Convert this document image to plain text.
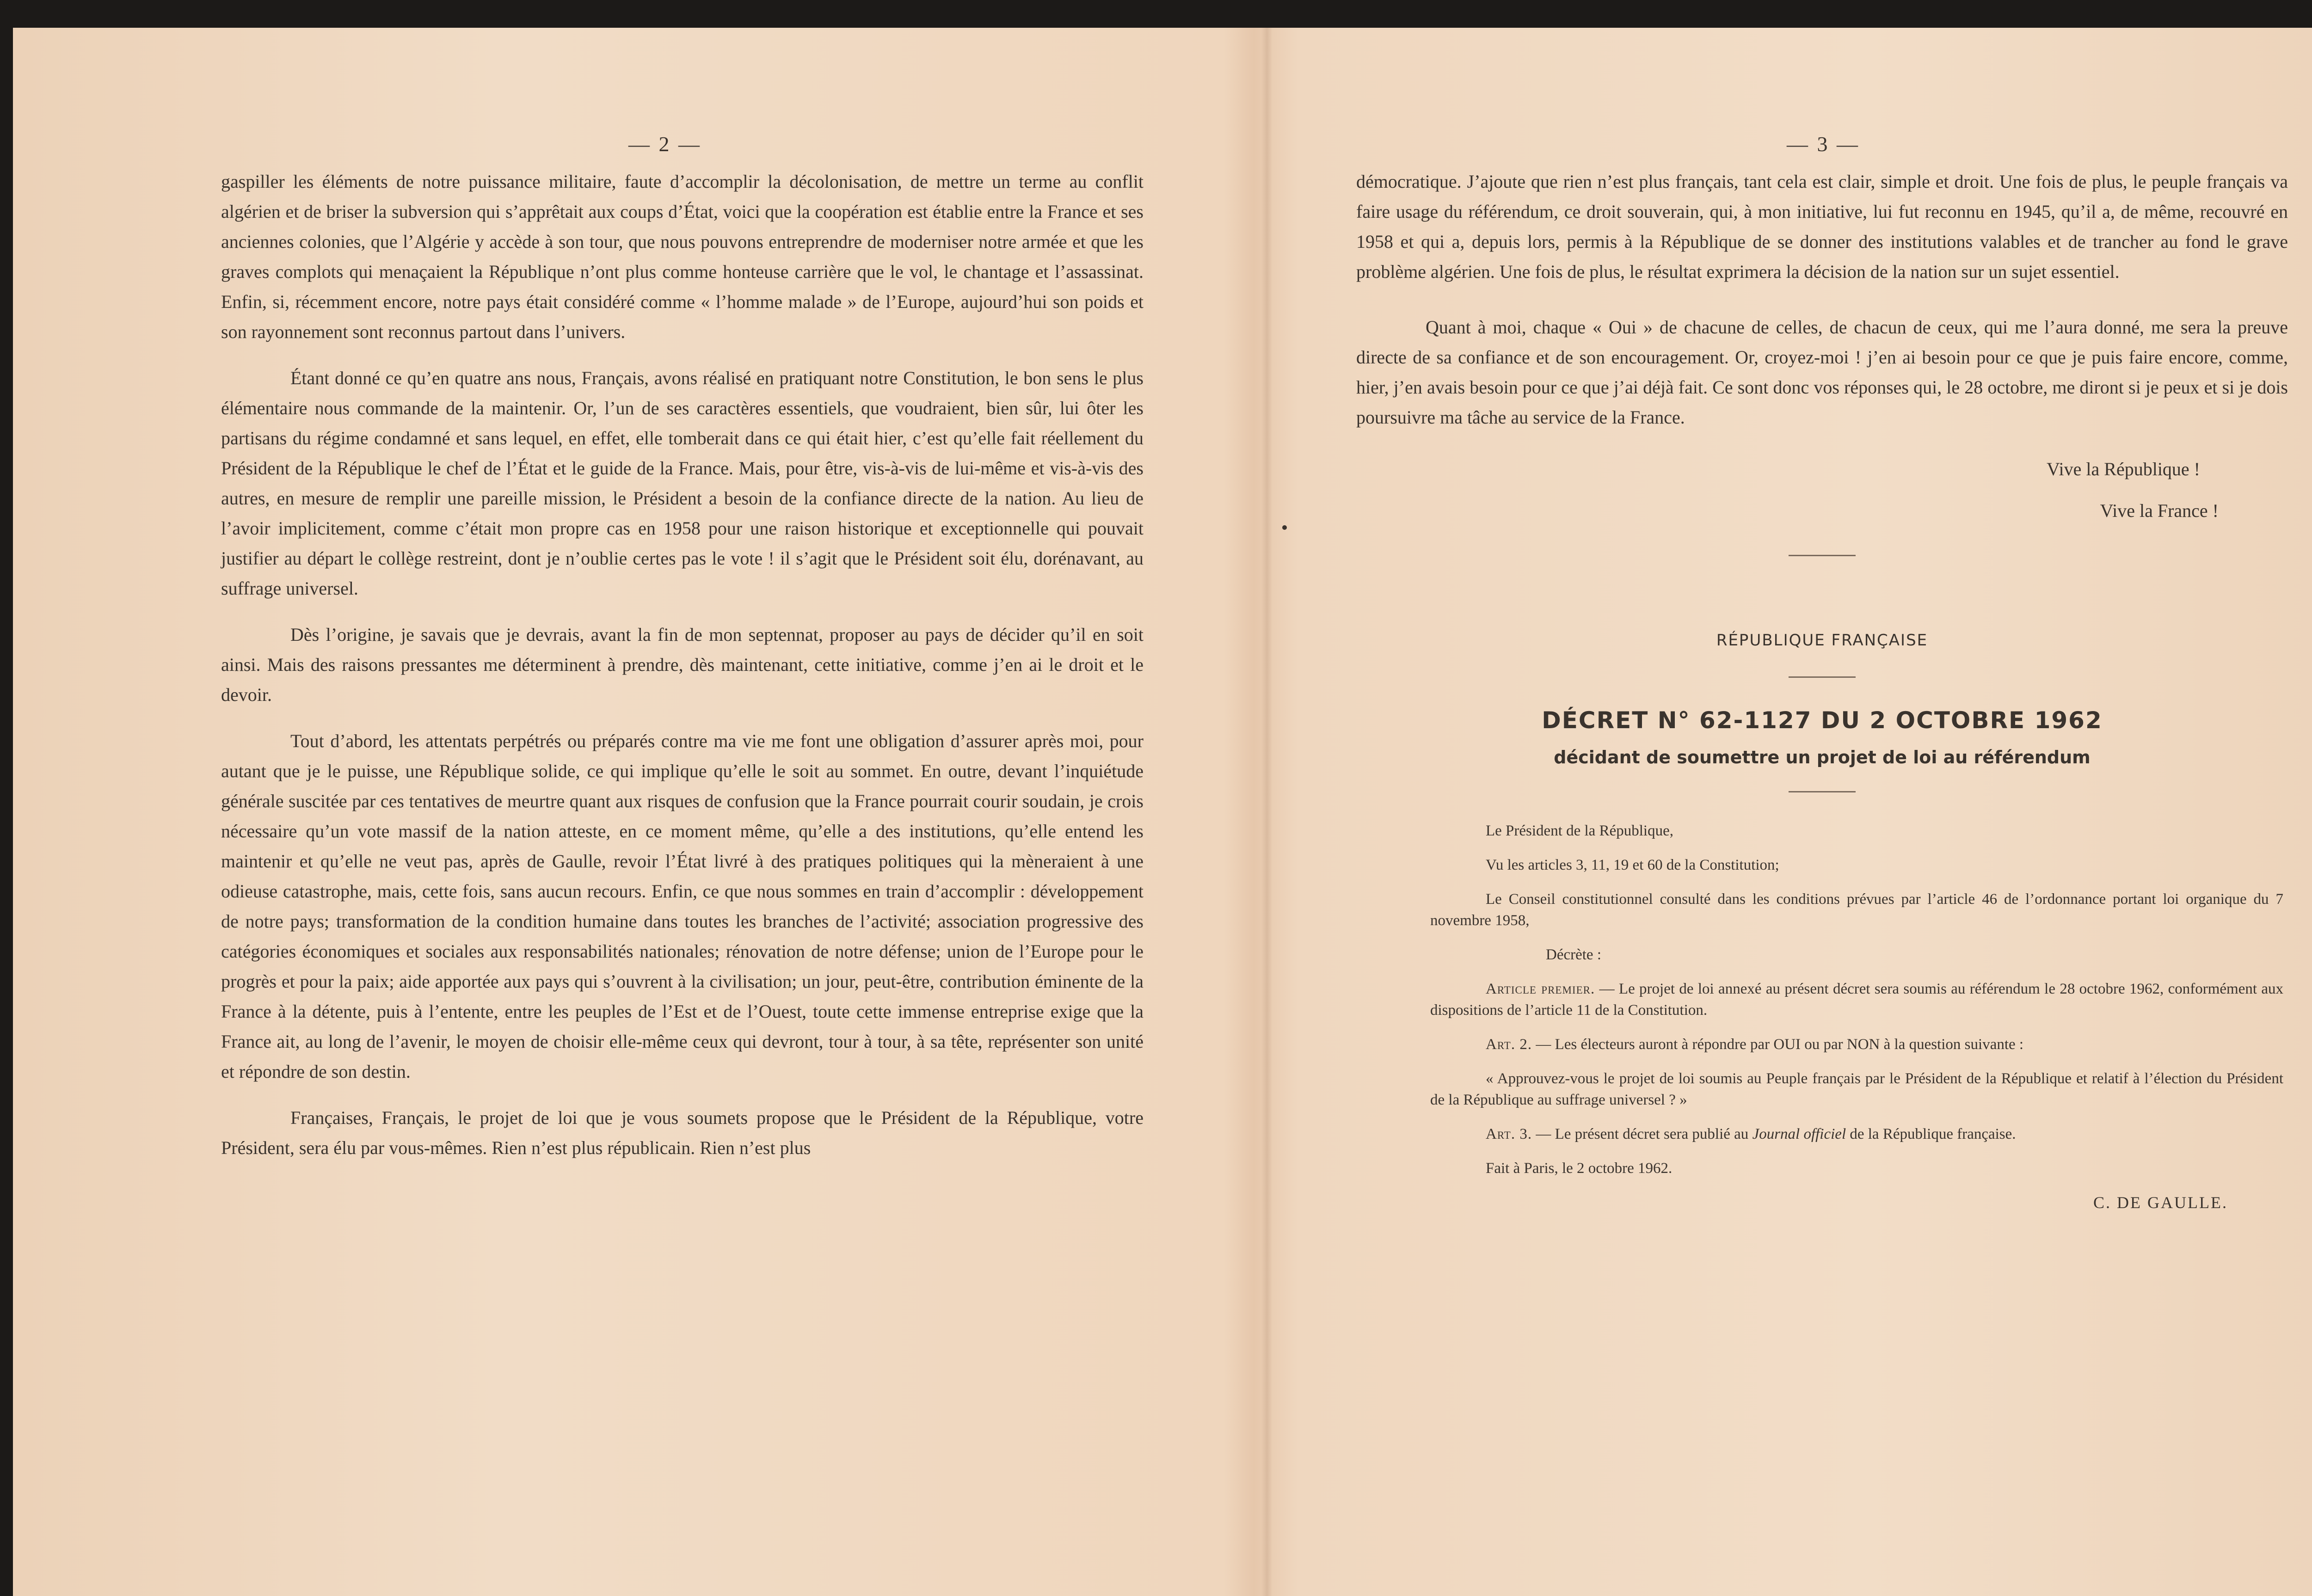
— 2 —

gaspiller les éléments de notre puissance militaire, faute d’accomplir la décolonisation, de mettre un terme au conflit algérien et de briser la subversion qui s’apprêtait aux coups d’État, voici que la coopération est établie entre la France et ses anciennes colonies, que l’Algérie y accède à son tour, que nous pouvons entreprendre de moderniser notre armée et que les graves complots qui menaçaient la République n’ont plus comme honteuse carrière que le vol, le chantage et l’assassinat. Enfin, si, récemment encore, notre pays était considéré comme « l’homme malade » de l’Europe, aujourd’hui son poids et son rayonnement sont reconnus partout dans l’univers.

Étant donné ce qu’en quatre ans nous, Français, avons réalisé en pratiquant notre Constitution, le bon sens le plus élémentaire nous commande de la maintenir. Or, l’un de ses caractères essentiels, que voudraient, bien sûr, lui ôter les partisans du régime condamné et sans lequel, en effet, elle tomberait dans ce qui était hier, c’est qu’elle fait réellement du Président de la République le chef de l’État et le guide de la France. Mais, pour être, vis-à-vis de lui-même et vis-à-vis des autres, en mesure de remplir une pareille mission, le Président a besoin de la confiance directe de la nation. Au lieu de l’avoir implicitement, comme c’était mon propre cas en 1958 pour une raison historique et exceptionnelle qui pouvait justifier au départ le collège restreint, dont je n’oublie certes pas le vote ! il s’agit que le Président soit élu, dorénavant, au suffrage universel.

Dès l’origine, je savais que je devrais, avant la fin de mon septennat, proposer au pays de décider qu’il en soit ainsi. Mais des raisons pressantes me déterminent à prendre, dès maintenant, cette initiative, comme j’en ai le droit et le devoir.

Tout d’abord, les attentats perpétrés ou préparés contre ma vie me font une obligation d’assurer après moi, pour autant que je le puisse, une République solide, ce qui implique qu’elle le soit au sommet. En outre, devant l’inquiétude générale suscitée par ces tentatives de meurtre quant aux risques de confusion que la France pourrait courir soudain, je crois nécessaire qu’un vote massif de la nation atteste, en ce moment même, qu’elle a des institutions, qu’elle entend les maintenir et qu’elle ne veut pas, après de Gaulle, revoir l’État livré à des pratiques politiques qui la mèneraient à une odieuse catastrophe, mais, cette fois, sans aucun recours. Enfin, ce que nous sommes en train d’accomplir : développement de notre pays; transformation de la condition humaine dans toutes les branches de l’activité; association progressive des catégories économiques et sociales aux responsabilités nationales; rénovation de notre défense; union de l’Europe pour le progrès et pour la paix; aide apportée aux pays qui s’ouvrent à la civilisation; un jour, peut-être, contribution éminente de la France à la détente, puis à l’entente, entre les peuples de l’Est et de l’Ouest, toute cette immense entreprise exige que la France ait, au long de l’avenir, le moyen de choisir elle-même ceux qui devront, tour à tour, à sa tête, représenter son unité et répondre de son destin.

Françaises, Français, le projet de loi que je vous soumets propose que le Président de la République, votre Président, sera élu par vous-mêmes. Rien n’est plus républicain. Rien n’est plus

— 3 —

démocratique. J’ajoute que rien n’est plus français, tant cela est clair, simple et droit. Une fois de plus, le peuple français va faire usage du référendum, ce droit souverain, qui, à mon initiative, lui fut reconnu en 1945, qu’il a, de même, recouvré en 1958 et qui a, depuis lors, permis à la République de se donner des institutions valables et de trancher au fond le grave problème algérien. Une fois de plus, le résultat exprimera la décision de la nation sur un sujet essentiel.

Quant à moi, chaque « Oui » de chacune de celles, de chacun de ceux, qui me l’aura donné, me sera la preuve directe de sa confiance et de son encouragement. Or, croyez-moi ! j’en ai besoin pour ce que je puis faire encore, comme, hier, j’en avais besoin pour ce que j’ai déjà fait. Ce sont donc vos réponses qui, le 28 octobre, me diront si je peux et si je dois poursuivre ma tâche au service de la France.

Vive la République !
Vive la France !
RÉPUBLIQUE FRANÇAISE
DÉCRET N° 62-1127 DU 2 OCTOBRE 1962
décidant de soumettre un projet de loi au référendum

Le Président de la République,

Vu les articles 3, 11, 19 et 60 de la Constitution;

Le Conseil constitutionnel consulté dans les conditions prévues par l’article 46 de l’ordonnance portant loi organique du 7 novembre 1958,

Décrète :

Article premier. — Le projet de loi annexé au présent décret sera soumis au référendum le 28 octobre 1962, conformément aux dispositions de l’article 11 de la Constitution.

Art. 2. — Les électeurs auront à répondre par OUI ou par NON à la question suivante :

« Approuvez-vous le projet de loi soumis au Peuple français par le Président de la République et relatif à l’élection du Président de la République au suffrage universel ? »

Art. 3. — Le présent décret sera publié au Journal officiel de la République française.

Fait à Paris, le 2 octobre 1962.

C. DE GAULLE.
